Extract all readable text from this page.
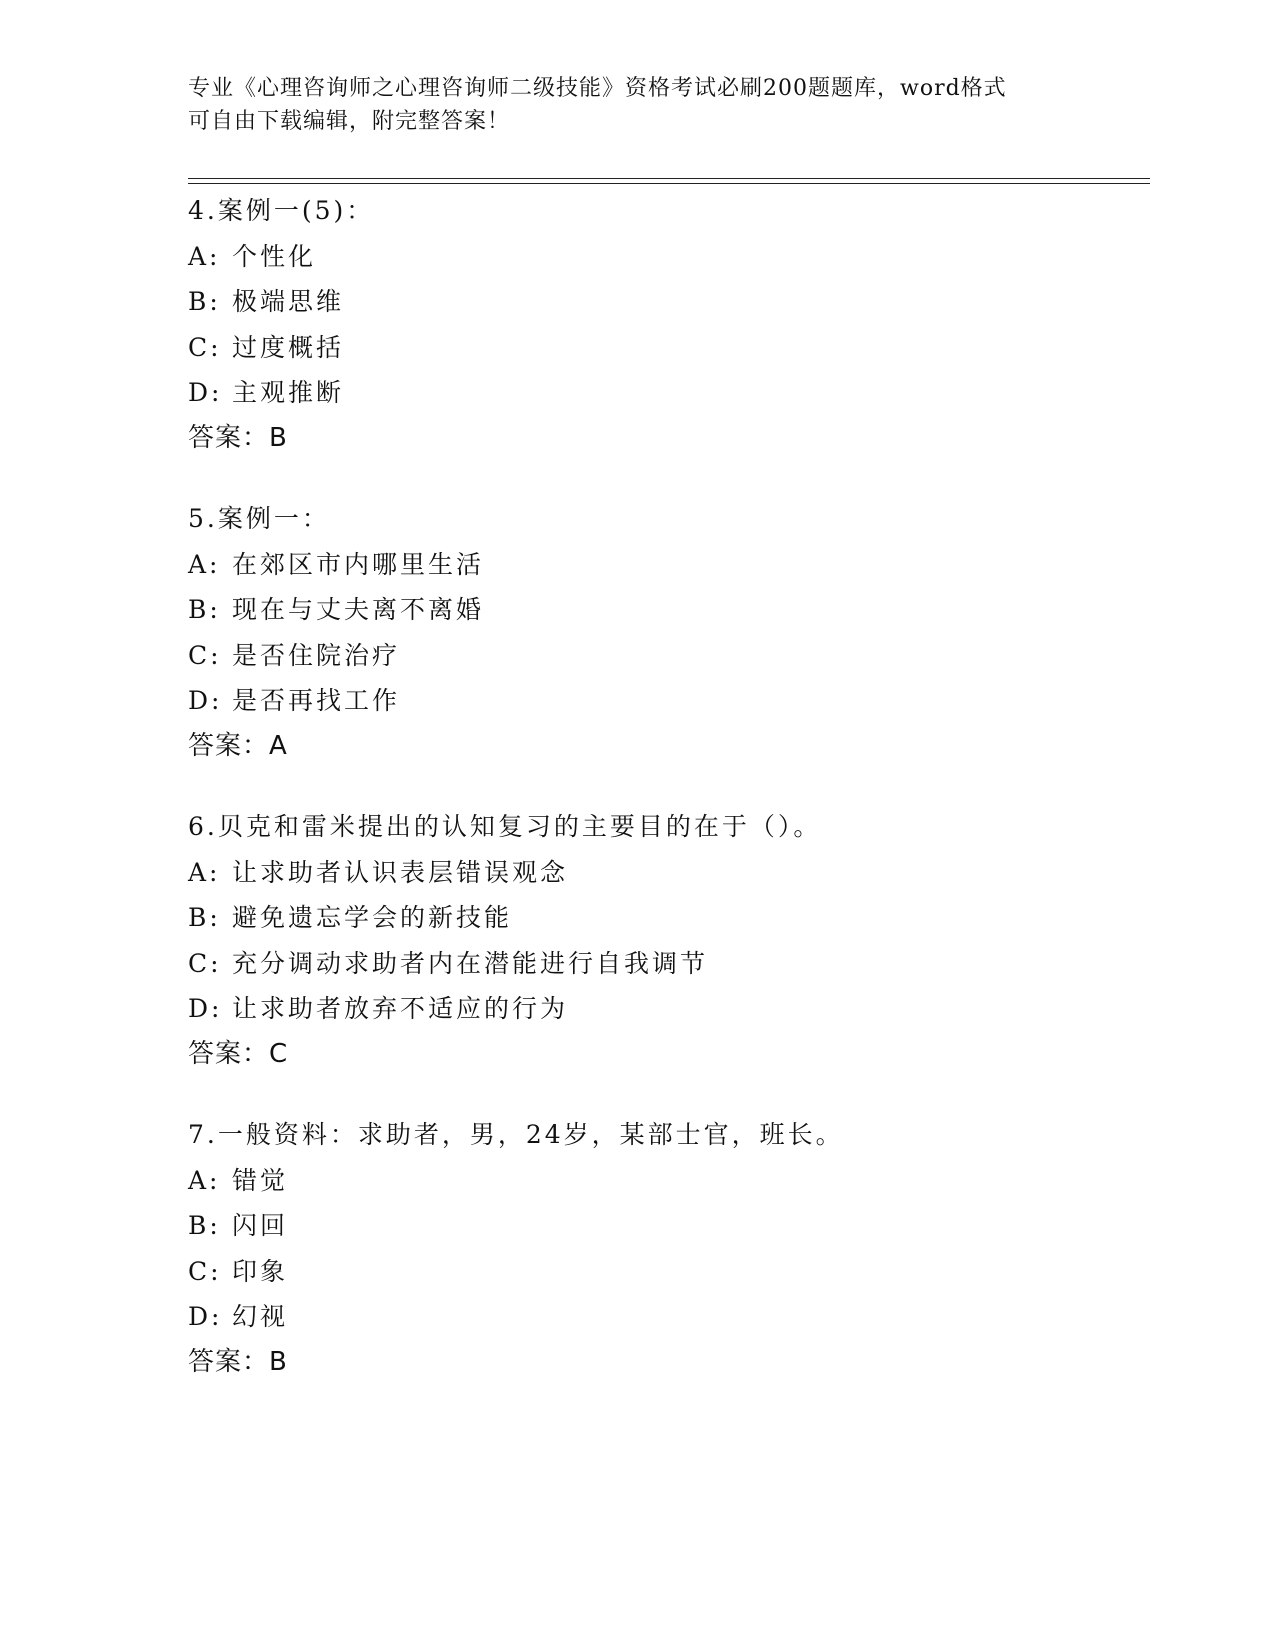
专业《心理咨询师之心理咨询师二级技能》资格考试必刷200题题库，word格式
可自由下载编辑，附完整答案！
4.案例一(5)：
A: 个性化
B: 极端思维
C: 过度概括
D: 主观推断
答案：B
5.案例一：
A: 在郊区市内哪里生活
B: 现在与丈夫离不离婚
C: 是否住院治疗
D: 是否再找工作
答案：A
6.贝克和雷米提出的认知复习的主要目的在于（）。
A: 让求助者认识表层错误观念
B: 避免遗忘学会的新技能
C: 充分调动求助者内在潜能进行自我调节
D: 让求助者放弃不适应的行为
答案：C
7.一般资料：求助者，男，24岁，某部士官，班长。
A: 错觉
B: 闪回
C: 印象
D: 幻视
答案：B
